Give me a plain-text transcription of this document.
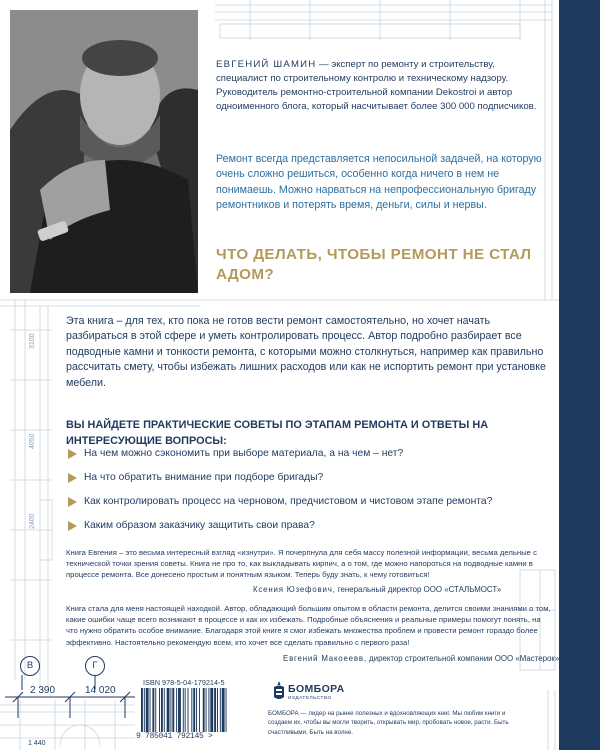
3100
4050
2400
ЕВГЕНИЙ ШАМИН — эксперт по ремонту и строительству, специалист по строительному контролю и техническому надзору. Руководитель ремонтно-строительной компании Dekostroi и автор одноименного блога, который насчитывает более 300 000 подписчиков.
Ремонт всегда представляется непосильной задачей, на которую очень сложно решиться, особенно когда ничего в нем не понимаешь. Можно нарваться на непрофессиональную бригаду ремонтников и потерять время, деньги, силы и нервы.
ЧТО ДЕЛАТЬ, ЧТОБЫ РЕМОНТ НЕ СТАЛ АДОМ?
Эта книга – для тех, кто пока не готов вести ремонт самостоятельно, но хочет начать разбираться в этой сфере и уметь контролировать процесс. Автор подробно разбирает все подводные камни и тонкости ремонта, с которыми можно столкнуться, например как правильно рассчитать смету, чтобы избежать лишних расходов или как не испортить ремонт при установке мебели.
ВЫ НАЙДЕТЕ ПРАКТИЧЕСКИЕ СОВЕТЫ ПО ЭТАПАМ РЕМОНТА И ОТВЕТЫ НА ИНТЕРЕСУЮЩИЕ ВОПРОСЫ:
На чем можно сэкономить при выборе материала, а на чем – нет?
На что обратить внимание при подборе бригады?
Как контролировать процесс на черновом, предчистовом и чистовом этапе ремонта?
Каким образом заказчику защитить свои права?
Книга Евгения – это весьма интересный взгляд «изнутри». Я почерпнула для себя массу полезной информации, весьма дельные с технической точки зрения советы. Книга не про то, как выкладывать кирпич, а о том, где можно напороться на подводные камни в процессе ремонта. Все донесено простым и понятным языком. Теперь буду знать, к чему готовиться!
Ксения Юзефович, генеральный директор ООО «СТАЛЬМОСТ»
Книга стала для меня настоящей находкой. Автор, обладающий большим опытом в области ремонта, делится своими знаниями о том, какие ошибки чаще всего возникают в процессе и как их избежать. Подробные объяснения и реальные примеры помогут понять, на что нужно обратить особое внимание. Благодаря этой книге я смог избежать множества проблем и провести ремонт гораздо более эффективно. Настоятельно рекомендую всем, кто хочет все сделать правильно с первого раза!
Евгений Макоеевв, директор строительной компании ООО «Мастерок»
В	Г
2 390	14 020
1 440
ISBN 978-5-04-179214-5
9 785041 792145 >
БОМБОРА
ИЗДАТЕЛЬСТВО
БОМБОРА — лидер на рынке полезных и вдохновляющих книг. Мы любим книги и создаем их, чтобы вы могли творить, открывать мир, пробовать новое, расти. Быть счастливыми. Быть на волне.
